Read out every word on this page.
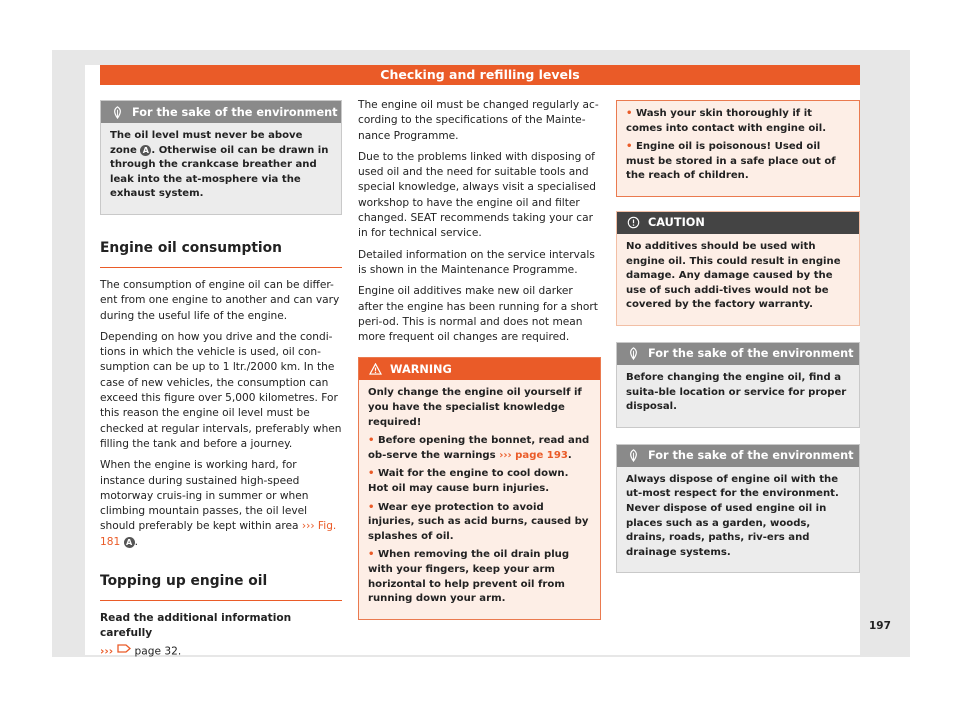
Checking and refilling levels
For the sake of the environment

The oil level must never be above zone A . Otherwise oil can be drawn in through the crankcase breather and leak into the at-mosphere via the exhaust system.

Engine oil consumption

The consumption of engine oil can be differ-ent from one engine to another and can vary during the useful life of the engine.

Depending on how you drive and the condi-tions in which the vehicle is used, oil con-sumption can be up to 1 ltr./2000 km. In the case of new vehicles, the consumption can exceed this figure over 5,000 kilometres. For this reason the engine oil level must be checked at regular intervals, preferably when filling the tank and before a journey.

When the engine is working hard, for instance during sustained high-speed motorway cruis-ing in summer or when climbing mountain passes, the oil level should preferably be kept within area ››› Fig. 181 A .

Topping up engine oil

Read the additional information carefully
››› page 32.

The engine oil must be changed regularly ac-cording to the specifications of the Mainte-nance Programme.

Due to the problems linked with disposing of used oil and the need for suitable tools and special knowledge, always visit a specialised workshop to have the engine oil and filter changed. SEAT recommends taking your car in for technical service.

Detailed information on the service intervals is shown in the Maintenance Programme.

Engine oil additives make new oil darker after the engine has been running for a short peri-od. This is normal and does not mean more frequent oil changes are required.

WARNING

Only change the engine oil yourself if you have the specialist knowledge required!

• Before opening the bonnet, read and ob-serve the warnings ››› page 193.

• Wait for the engine to cool down. Hot oil may cause burn injuries.

• Wear eye protection to avoid injuries, such as acid burns, caused by splashes of oil.

• When removing the oil drain plug with your fingers, keep your arm horizontal to help prevent oil from running down your arm.

• Wash your skin thoroughly if it comes into contact with engine oil.

• Engine oil is poisonous! Used oil must be stored in a safe place out of the reach of children.

CAUTION

No additives should be used with engine oil. This could result in engine damage. Any damage caused by the use of such addi-tives would not be covered by the factory warranty.

For the sake of the environment

Before changing the engine oil, find a suita-ble location or service for proper disposal.

For the sake of the environment

Always dispose of engine oil with the ut-most respect for the environment. Never dispose of used engine oil in places such as a garden, woods, drains, roads, paths, riv-ers and drainage systems.

197
